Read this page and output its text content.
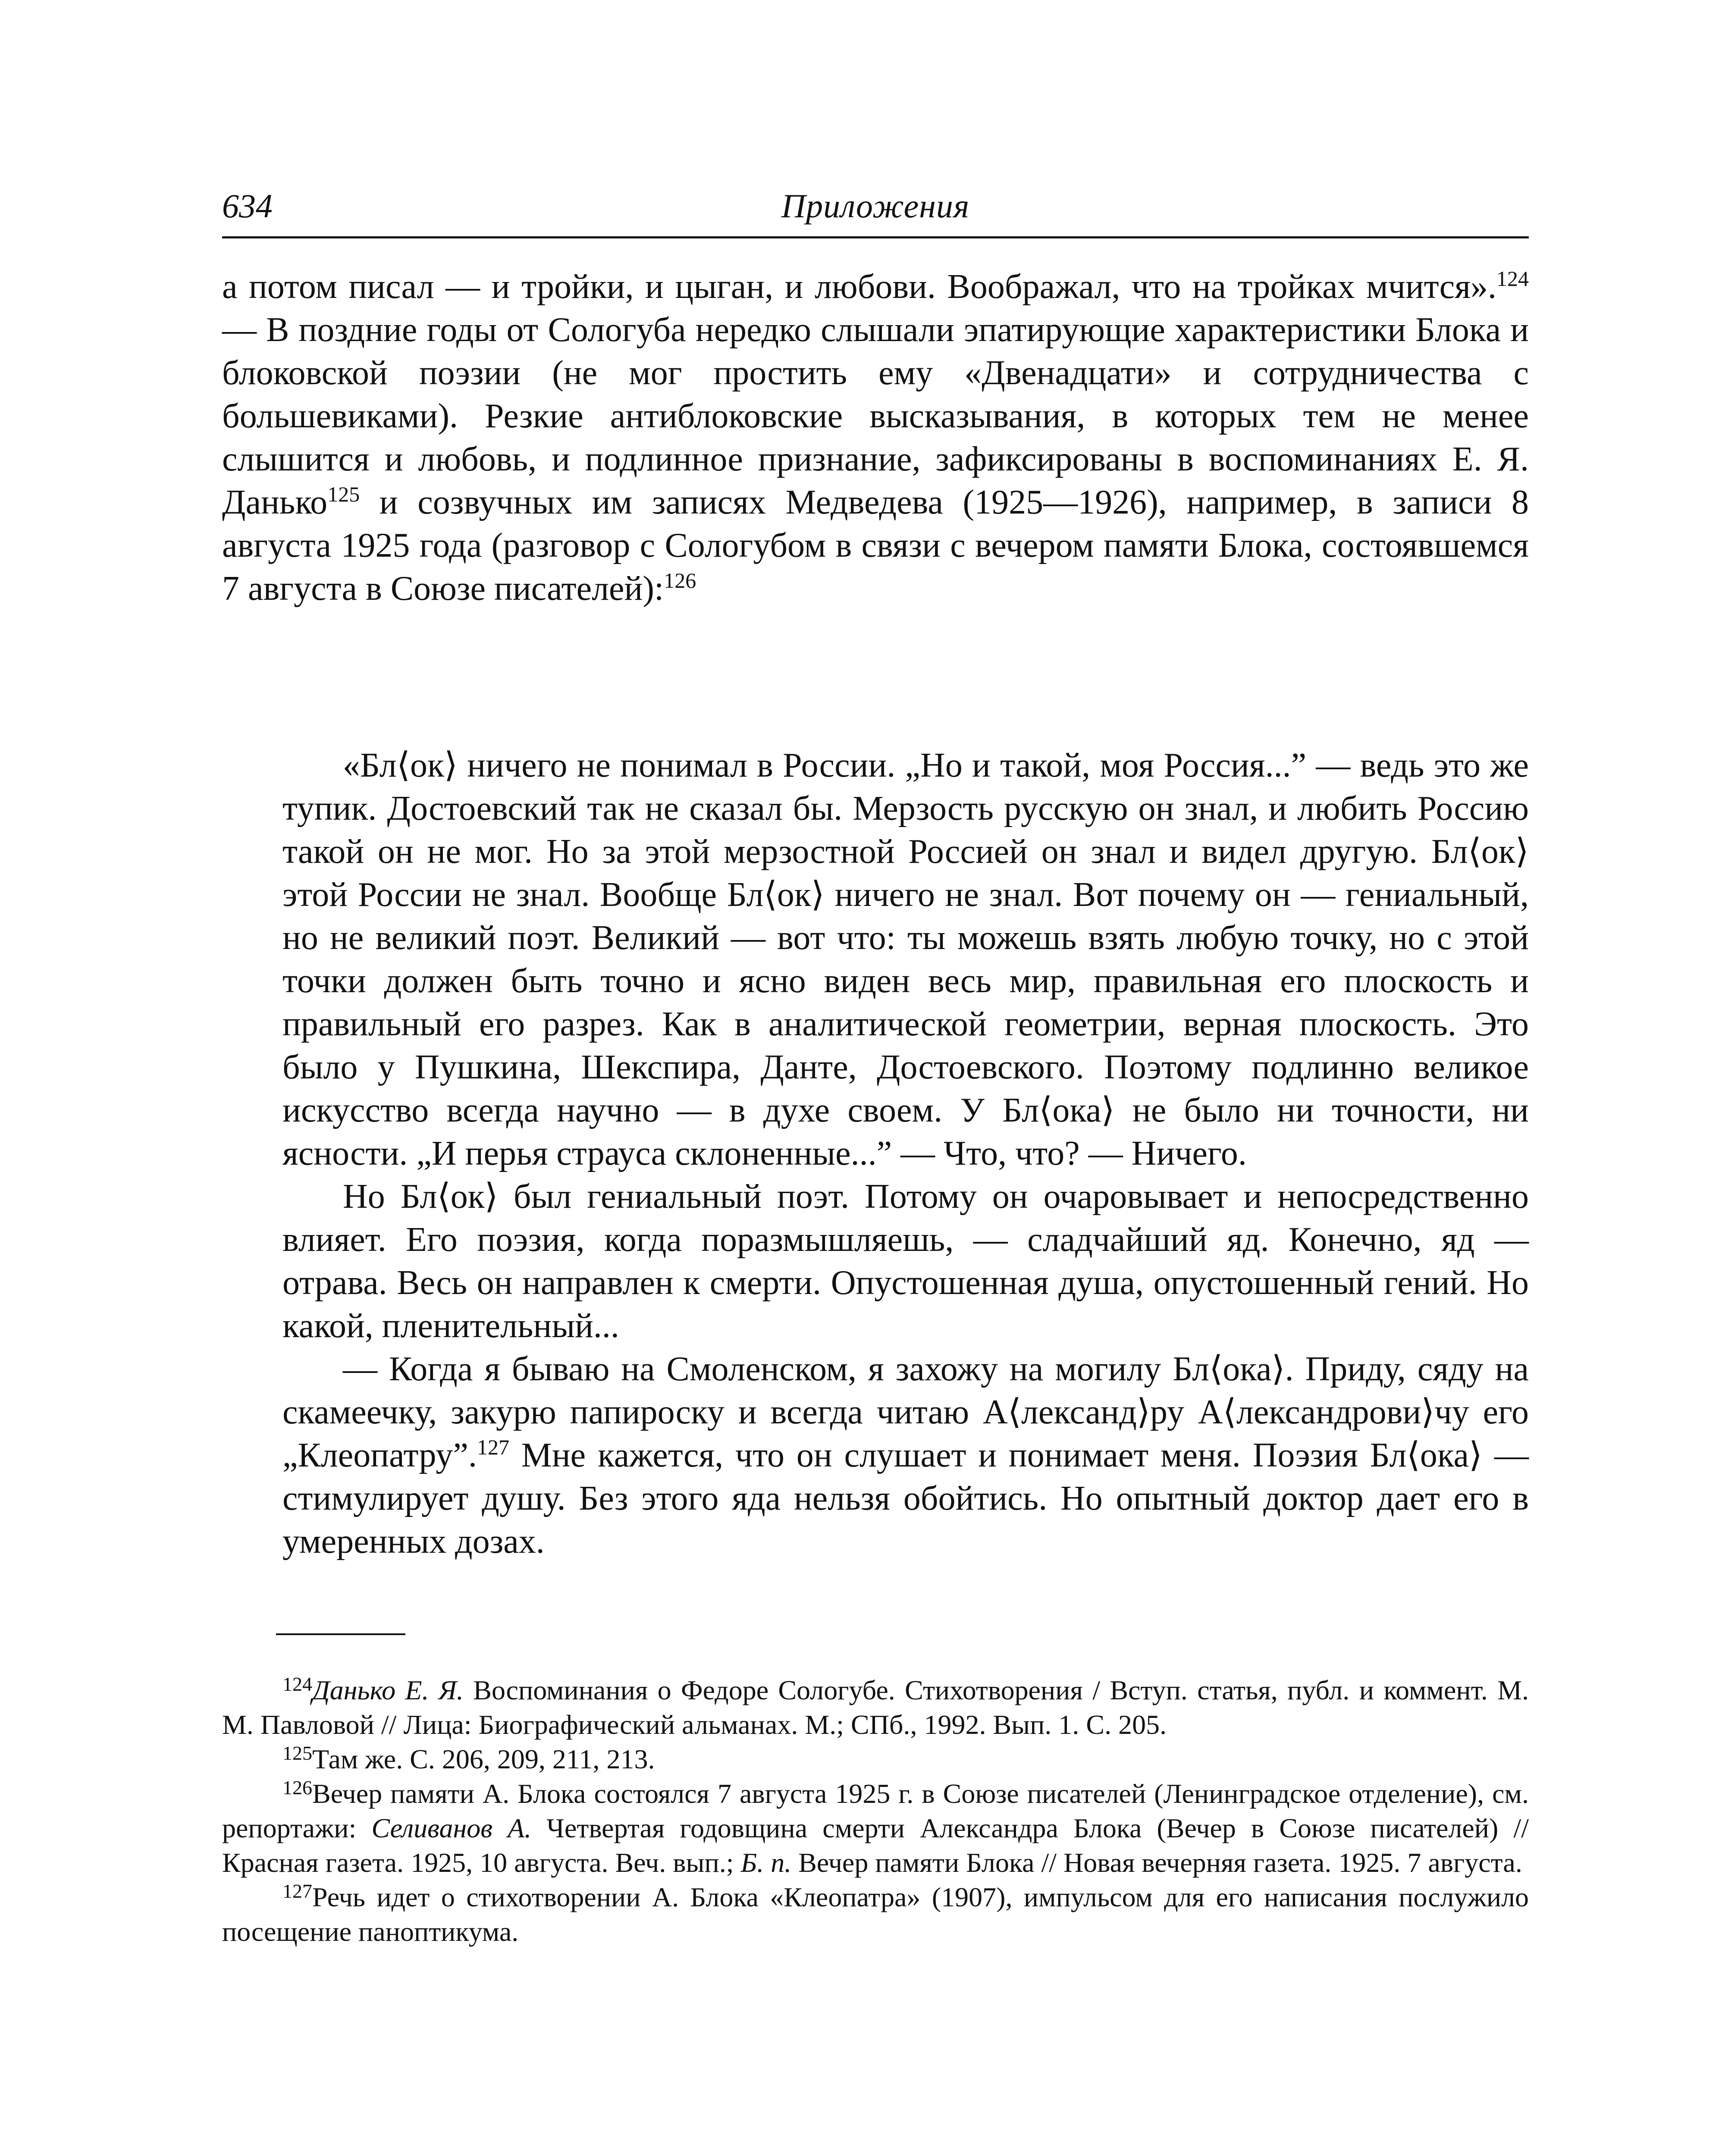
634	Приложения

а потом писал — и тройки, и цыган, и любови. Воображал, что на тройках мчится».$^{124}$ — В поздние годы от Сологуба нередко слышали эпатирующие характеристики Блока и блоковской поэзии (не мог простить ему «Двенадцати» и сотрудничества с большевиками). Резкие антиблоковские высказывания, в которых тем не менее слышится и любовь, и подлинное признание, зафиксированы в воспоминаниях Е. Я. Данько$^{125}$ и созвучных им записях Медведева (1925—1926), например, в записи 8 августа 1925 года (разговор с Сологубом в связи с вечером памяти Блока, состоявшемся 7 августа в Союзе писателей):$^{126}$

«Бл⟨ок⟩ ничего не понимал в России. „Но и такой, моя Россия...” — ведь это же тупик. Достоевский так не сказал бы. Мерзость русскую он знал, и любить Россию такой он не мог. Но за этой мерзостной Россией он знал и видел другую. Бл⟨ок⟩ этой России не знал. Вообще Бл⟨ок⟩ ничего не знал. Вот почему он — гениальный, но не великий поэт. Великий — вот что: ты можешь взять любую точку, но с этой точки должен быть точно и ясно виден весь мир, правильная его плоскость и правильный его разрез. Как в аналитической геометрии, верная плоскость. Это было у Пушкина, Шекспира, Данте, Достоевского. Поэтому подлинно великое искусство всегда научно — в духе своем. У Бл⟨ока⟩ не было ни точности, ни ясности. „И перья страуса склоненные...” — Что, что? — Ничего.

Но Бл⟨ок⟩ был гениальный поэт. Потому он очаровывает и непосредственно влияет. Его поэзия, когда поразмышляешь, — сладчайший яд. Конечно, яд — отрава. Весь он направлен к смерти. Опустошенная душа, опустошенный гений. Но какой, пленительный...

— Когда я бываю на Смоленском, я захожу на могилу Бл⟨ока⟩. Приду, сяду на скамеечку, закурю папироску и всегда читаю А⟨лександ⟩ру А⟨лександрови⟩чу его „Клеопатру”.$^{127}$ Мне кажется, что он слушает и понимает меня. Поэзия Бл⟨ока⟩ — стимулирует душу. Без этого яда нельзя обойтись. Но опытный доктор дает его в умеренных дозах.

$^{124}$Данько Е. Я. Воспоминания о Федоре Сологубе. Стихотворения / Вступ. статья, публ. и коммент. М. М. Павловой // Лица: Биографический альманах. М.; СПб., 1992. Вып. 1. С. 205.

$^{125}$Там же. С. 206, 209, 211, 213.

$^{126}$Вечер памяти А. Блока состоялся 7 августа 1925 г. в Союзе писателей (Ленинградское отделение), см. репортажи: Селиванов А. Четвертая годовщина смерти Александра Блока (Вечер в Союзе писателей) // Красная газета. 1925, 10 августа. Веч. вып.; Б. п. Вечер памяти Блока // Новая вечерняя газета. 1925. 7 августа.

$^{127}$Речь идет о стихотворении А. Блока «Клеопатра» (1907), импульсом для его написания послужило посещение паноптикума.
